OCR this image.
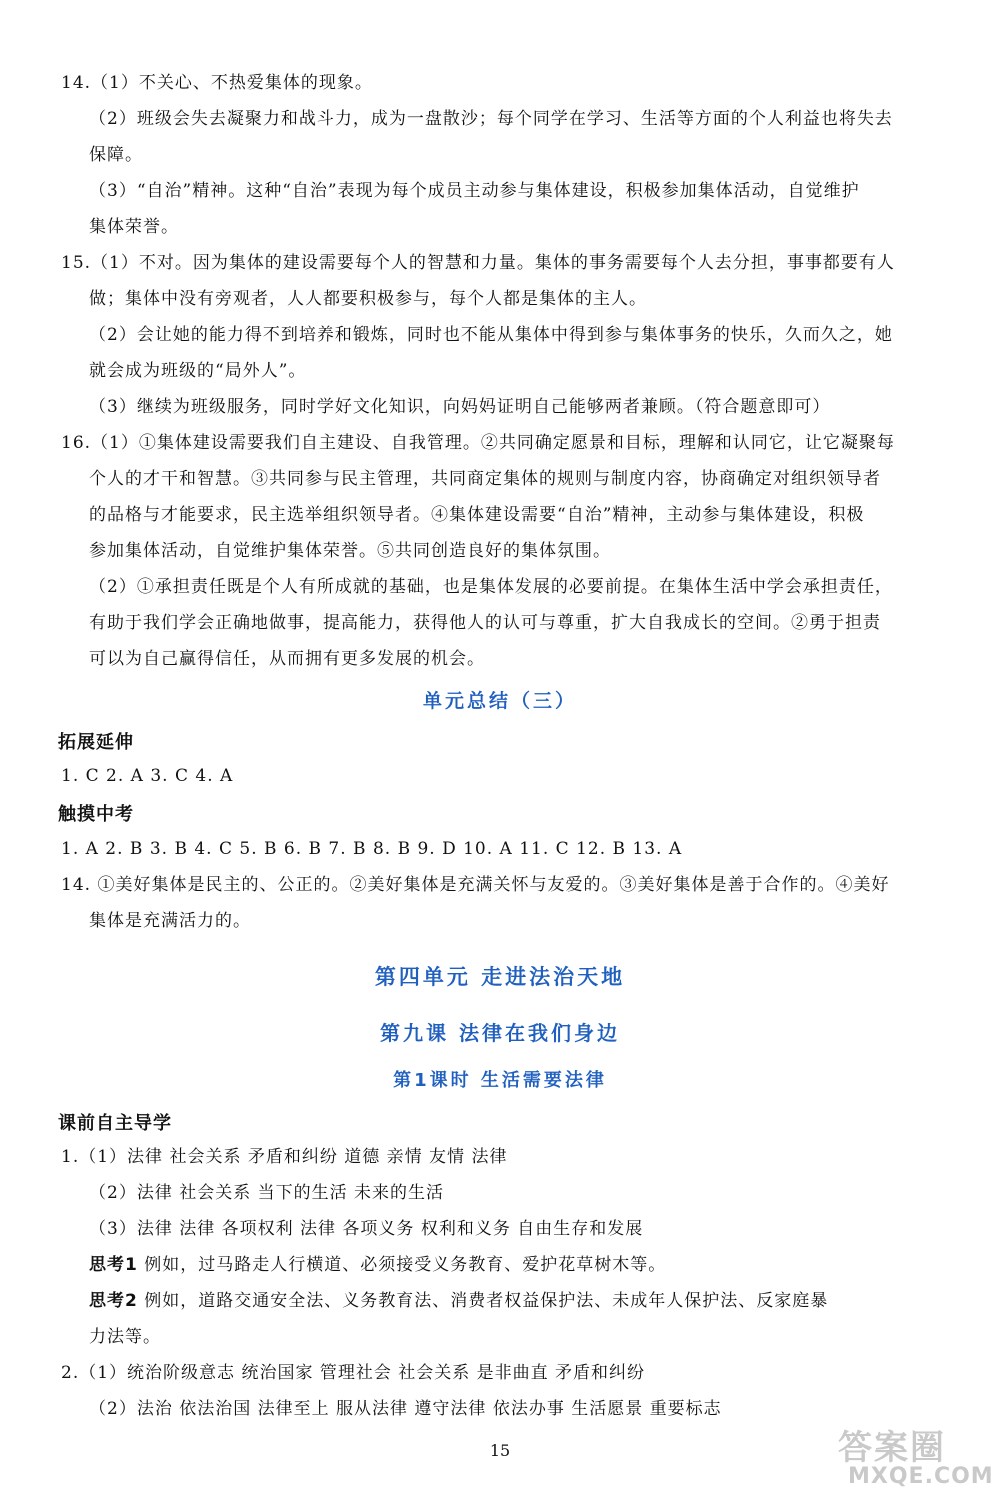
14.（1）不关心、不热爱集体的现象。
（2）班级会失去凝聚力和战斗力，成为一盘散沙；每个同学在学习、生活等方面的个人利益也将失去
保障。
（3）“自治”精神。这种“自治”表现为每个成员主动参与集体建设，积极参加集体活动，自觉维护
集体荣誉。
15.（1）不对。因为集体的建设需要每个人的智慧和力量。集体的事务需要每个人去分担，事事都要有人
做；集体中没有旁观者，人人都要积极参与，每个人都是集体的主人。
（2）会让她的能力得不到培养和锻炼，同时也不能从集体中得到参与集体事务的快乐，久而久之，她
就会成为班级的“局外人”。
（3）继续为班级服务，同时学好文化知识，向妈妈证明自己能够两者兼顾。（符合题意即可）
16.（1）①集体建设需要我们自主建设、自我管理。②共同确定愿景和目标，理解和认同它，让它凝聚每
个人的才干和智慧。③共同参与民主管理，共同商定集体的规则与制度内容，协商确定对组织领导者
的品格与才能要求，民主选举组织领导者。④集体建设需要“自治”精神，主动参与集体建设，积极
参加集体活动，自觉维护集体荣誉。⑤共同创造良好的集体氛围。
（2）①承担责任既是个人有所成就的基础，也是集体发展的必要前提。在集体生活中学会承担责任，
有助于我们学会正确地做事，提高能力，获得他人的认可与尊重，扩大自我成长的空间。②勇于担责
可以为自己赢得信任，从而拥有更多发展的机会。
单元总结（三）
拓展延伸
1. C 2. A 3. C 4. A
触摸中考
1. A 2. B 3. B 4. C 5. B 6. B 7. B 8. B 9. D 10. A 11. C 12. B 13. A
14. ①美好集体是民主的、公正的。②美好集体是充满关怀与友爱的。③美好集体是善于合作的。④美好
集体是充满活力的。
第四单元 走进法治天地
第九课 法律在我们身边
第1课时 生活需要法律
课前自主导学
1.（1）法律 社会关系 矛盾和纠纷 道德 亲情 友情 法律
（2）法律 社会关系 当下的生活 未来的生活
（3）法律 法律 各项权利 法律 各项义务 权利和义务 自由生存和发展
思考1 例如，过马路走人行横道、必须接受义务教育、爱护花草树木等。
思考2 例如，道路交通安全法、义务教育法、消费者权益保护法、未成年人保护法、反家庭暴
力法等。
2.（1）统治阶级意志 统治国家 管理社会 社会关系 是非曲直 矛盾和纠纷
（2）法治 依法治国 法律至上 服从法律 遵守法律 依法办事 生活愿景 重要标志
15	答案圈
MXQE.COM
